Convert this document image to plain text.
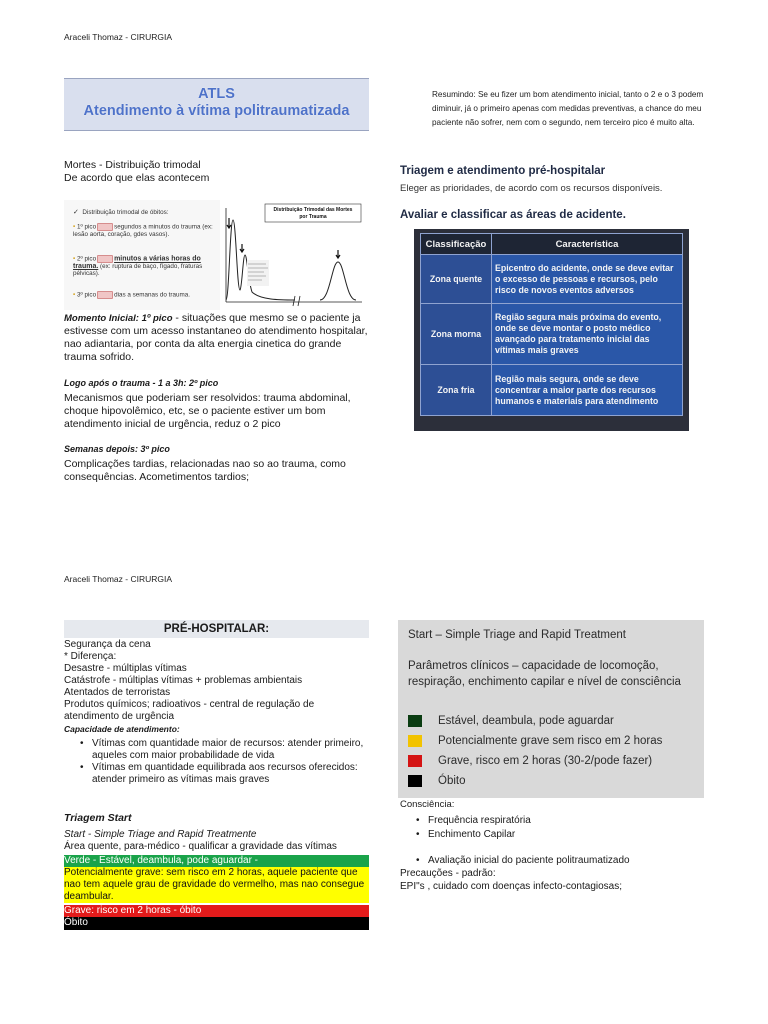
Araceli Thomaz - CIRURGIA
ATLS
Atendimento à vítima politraumatizada
Mortes - Distribuição trimodal
De acordo que elas acontecem
✓ Distribuição trimodal de óbitos:
• 1º pico	segundos a minutos do trauma (ex: lesão aorta, coração, gdes vasos).
• 2º pico	minutos a várias horas do trauma. (ex: ruptura de baço, fígado, fraturas pélvicas).
• 3º pico	dias a semanas do trauma.
Distribuição Trimodal das Mortes
por Trauma
Momento Inicial: 1º pico - situações que mesmo se o paciente ja estivesse com um acesso instantaneo do atendimento hospitalar, nao adiantaria, por conta da alta energia cinetica do grande trauma sofrido.
Logo após o trauma - 1 a 3h: 2º pico
Mecanismos que poderiam ser resolvidos: trauma abdominal, choque hipovolêmico, etc, se o paciente estiver um bom atendimento inicial de urgência, reduz o 2 pico
Semanas depois: 3º pico
Complicações tardias, relacionadas nao so ao trauma, como consequências. Acometimentos tardios;
Resumindo: Se eu fizer um bom atendimento inicial, tanto o 2 e o 3 podem diminuir, já o primeiro apenas com medidas preventivas, a chance do meu paciente não sofrer, nem com o segundo, nem terceiro pico é muito alta.
Triagem e atendimento pré-hospitalar
Eleger as prioridades, de acordo com os recursos disponíveis.
Avaliar e classificar as áreas de acidente.
Classificação	Característica
Zona quente	Epicentro do acidente, onde se deve evitar o excesso de pessoas e recursos, pelo risco de novos eventos adversos
Zona morna	Região segura mais próxima do evento, onde se deve montar o posto médico avançado para tratamento inicial das vítimas mais graves
Zona fria	Região mais segura, onde se deve concentrar a maior parte dos recursos humanos e materiais para atendimento
Araceli Thomaz - CIRURGIA
PRÉ-HOSPITALAR:
Segurança da cena
* Diferença:
Desastre - múltiplas vítimas
Catástrofe - múltiplas vítimas + problemas ambientais
Atentados de terroristas
Produtos químicos; radioativos - central de regulação de atendimento de urgência
Capacidade de atendimento:
• Vítimas com quantidade maior de recursos: atender primeiro, aqueles com maior probabilidade de vida
• Vítimas em quantidade equilibrada aos recursos oferecidos: atender primeiro as vítimas mais graves
Triagem Start
Start - Simple Triage and Rapid Treatmente
Área quente, para-médico - qualificar a gravidade das vítimas
Verde - Estável, deambula, pode aguardar -
Potencialmente grave: sem risco em 2 horas, aquele paciente que nao tem aquele grau de gravidade do vermelho, mas nao consegue deambular.
Grave: risco em 2 horas - óbito
Óbito
Start – Simple Triage and Rapid Treatment
Parâmetros clínicos – capacidade de locomoção, respiração, enchimento capilar e nível de consciência
Estável, deambula, pode aguardar
Potencialmente grave sem risco em 2 horas
Grave, risco em 2 horas (30-2/pode fazer)
Óbito
Consciência:
• Frequência respiratória
• Enchimento Capilar
• Avaliação inicial do paciente politraumatizado
Precauções - padrão:
EPI"s , cuidado com doenças infecto-contagiosas;
